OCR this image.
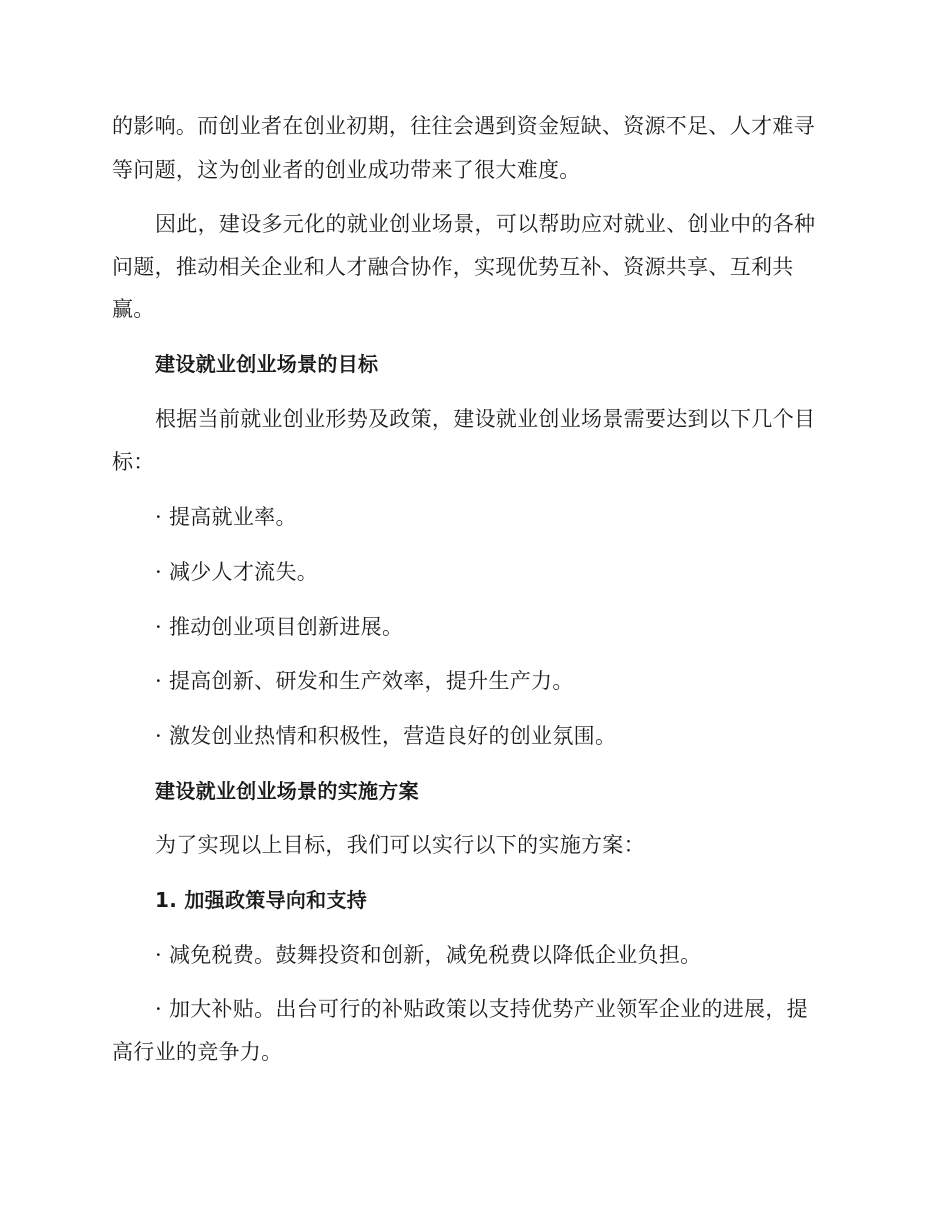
的影响。而创业者在创业初期，往往会遇到资金短缺、资源不足、人才难寻
等问题，这为创业者的创业成功带来了很大难度。
因此，建设多元化的就业创业场景，可以帮助应对就业、创业中的各种
问题，推动相关企业和人才融合协作，实现优势互补、资源共享、互利共
赢。
建设就业创业场景的目标
根据当前就业创业形势及政策，建设就业创业场景需要达到以下几个目
标：
· 提高就业率。
· 减少人才流失。
· 推动创业项目创新进展。
· 提高创新、研发和生产效率，提升生产力。
· 激发创业热情和积极性，营造良好的创业氛围。
建设就业创业场景的实施方案
为了实现以上目标，我们可以实行以下的实施方案：
1. 加强政策导向和支持
· 减免税费。鼓舞投资和创新，减免税费以降低企业负担。
· 加大补贴。出台可行的补贴政策以支持优势产业领军企业的进展，提
高行业的竞争力。
